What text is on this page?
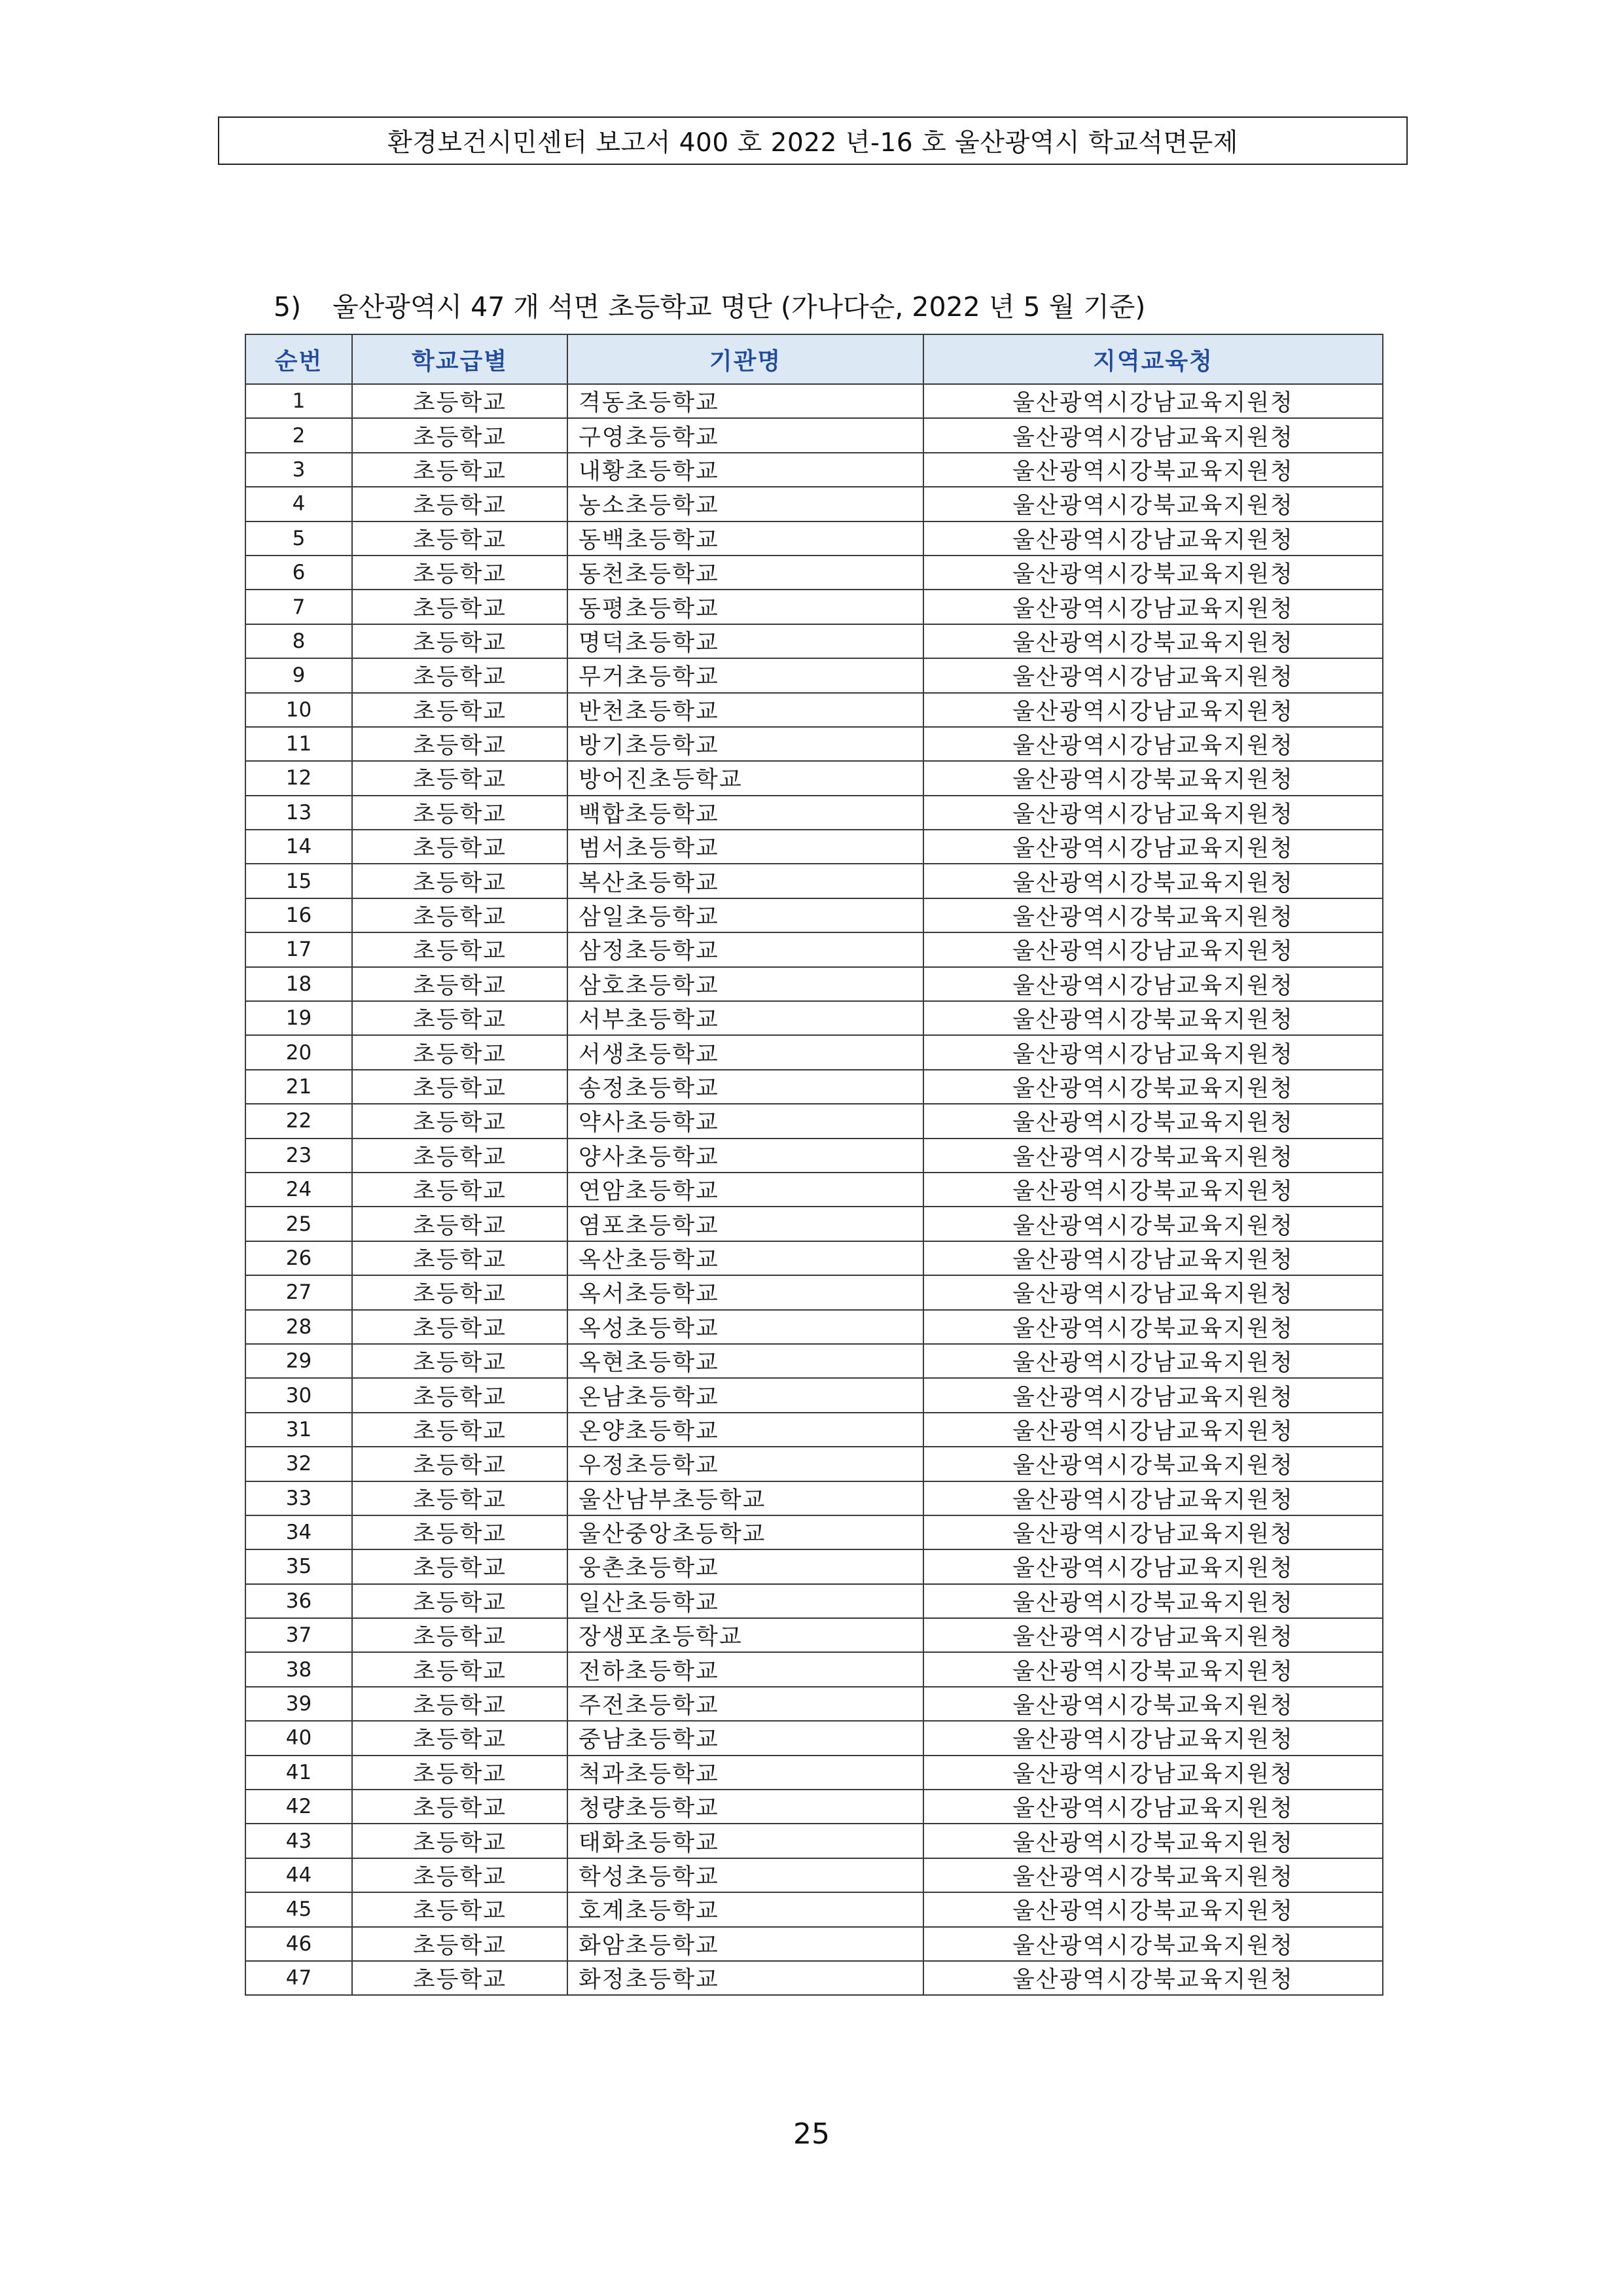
환경보건시민센터 보고서 400 호 2022 년-16 호 울산광역시 학교석면문제
5) 울산광역시 47 개 석면 초등학교 명단 (가나다순, 2022 년 5 월 기준)
순번	학교급별	기관명	지역교육청
1	초등학교	격동초등학교	울산광역시강남교육지원청
2	초등학교	구영초등학교	울산광역시강남교육지원청
3	초등학교	내황초등학교	울산광역시강북교육지원청
4	초등학교	농소초등학교	울산광역시강북교육지원청
5	초등학교	동백초등학교	울산광역시강남교육지원청
6	초등학교	동천초등학교	울산광역시강북교육지원청
7	초등학교	동평초등학교	울산광역시강남교육지원청
8	초등학교	명덕초등학교	울산광역시강북교육지원청
9	초등학교	무거초등학교	울산광역시강남교육지원청
10	초등학교	반천초등학교	울산광역시강남교육지원청
11	초등학교	방기초등학교	울산광역시강남교육지원청
12	초등학교	방어진초등학교	울산광역시강북교육지원청
13	초등학교	백합초등학교	울산광역시강남교육지원청
14	초등학교	범서초등학교	울산광역시강남교육지원청
15	초등학교	복산초등학교	울산광역시강북교육지원청
16	초등학교	삼일초등학교	울산광역시강북교육지원청
17	초등학교	삼정초등학교	울산광역시강남교육지원청
18	초등학교	삼호초등학교	울산광역시강남교육지원청
19	초등학교	서부초등학교	울산광역시강북교육지원청
20	초등학교	서생초등학교	울산광역시강남교육지원청
21	초등학교	송정초등학교	울산광역시강북교육지원청
22	초등학교	약사초등학교	울산광역시강북교육지원청
23	초등학교	양사초등학교	울산광역시강북교육지원청
24	초등학교	연암초등학교	울산광역시강북교육지원청
25	초등학교	염포초등학교	울산광역시강북교육지원청
26	초등학교	옥산초등학교	울산광역시강남교육지원청
27	초등학교	옥서초등학교	울산광역시강남교육지원청
28	초등학교	옥성초등학교	울산광역시강북교육지원청
29	초등학교	옥현초등학교	울산광역시강남교육지원청
30	초등학교	온남초등학교	울산광역시강남교육지원청
31	초등학교	온양초등학교	울산광역시강남교육지원청
32	초등학교	우정초등학교	울산광역시강북교육지원청
33	초등학교	울산남부초등학교	울산광역시강남교육지원청
34	초등학교	울산중앙초등학교	울산광역시강남교육지원청
35	초등학교	웅촌초등학교	울산광역시강남교육지원청
36	초등학교	일산초등학교	울산광역시강북교육지원청
37	초등학교	장생포초등학교	울산광역시강남교육지원청
38	초등학교	전하초등학교	울산광역시강북교육지원청
39	초등학교	주전초등학교	울산광역시강북교육지원청
40	초등학교	중남초등학교	울산광역시강남교육지원청
41	초등학교	척과초등학교	울산광역시강남교육지원청
42	초등학교	청량초등학교	울산광역시강남교육지원청
43	초등학교	태화초등학교	울산광역시강북교육지원청
44	초등학교	학성초등학교	울산광역시강북교육지원청
45	초등학교	호계초등학교	울산광역시강북교육지원청
46	초등학교	화암초등학교	울산광역시강북교육지원청
47	초등학교	화정초등학교	울산광역시강북교육지원청
25
